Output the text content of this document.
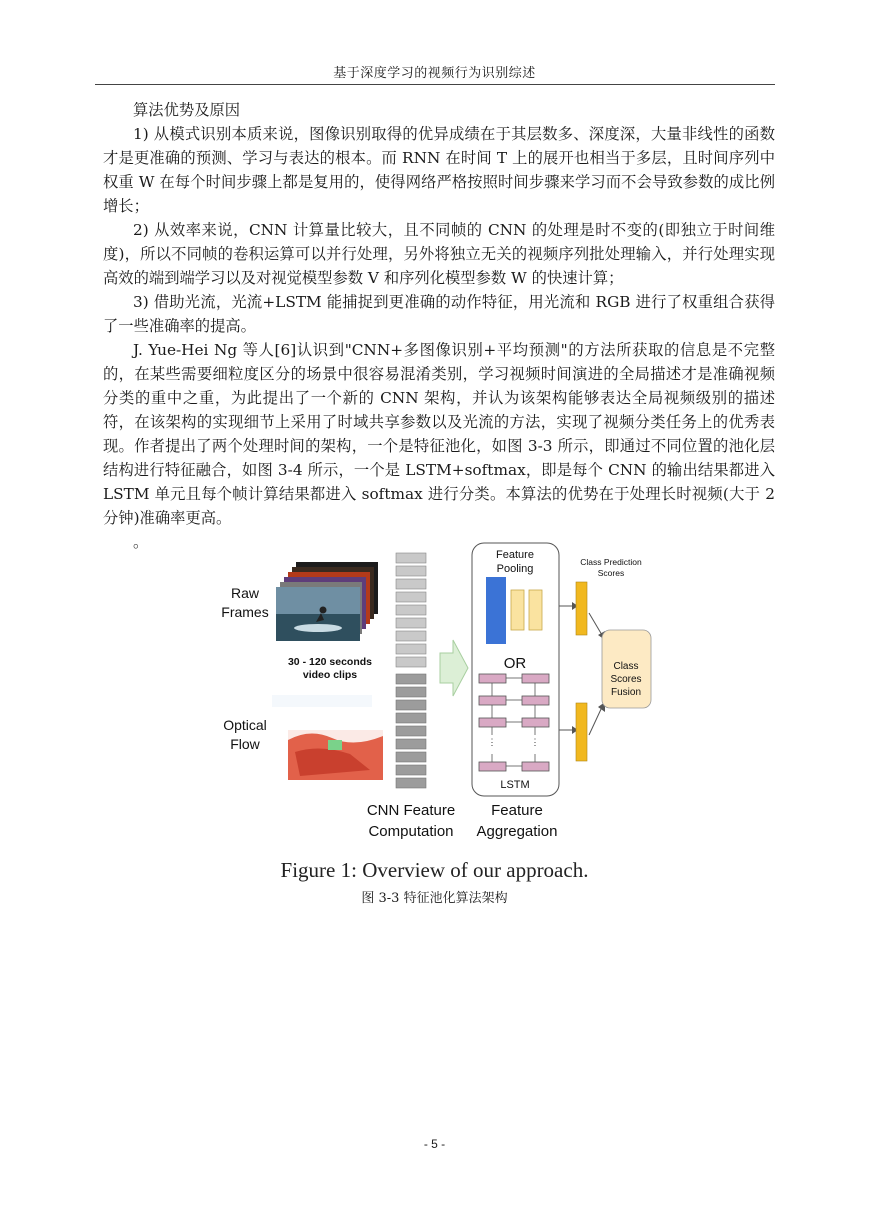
基于深度学习的视频行为识别综述

算法优势及原因

1) 从模式识别本质来说，图像识别取得的优异成绩在于其层数多、深度深，大量非线性的函数才是更准确的预测、学习与表达的根本。而 RNN 在时间 T 上的展开也相当于多层，且时间序列中权重 W 在每个时间步骤上都是复用的，使得网络严格按照时间步骤来学习而不会导致参数的成比例增长；

2) 从效率来说，CNN 计算量比较大，且不同帧的 CNN 的处理是时不变的(即独立于时间维度)，所以不同帧的卷积运算可以并行处理，另外将独立无关的视频序列批处理输入，并行处理实现高效的端到端学习以及对视觉模型参数 V 和序列化模型参数 W 的快速计算；

3) 借助光流，光流+LSTM 能捕捉到更准确的动作特征，用光流和 RGB 进行了权重组合获得了一些准确率的提高。

J. Yue-Hei Ng 等人[6]认识到"CNN+多图像识别+平均预测"的方法所获取的信息是不完整的，在某些需要细粒度区分的场景中很容易混淆类别，学习视频时间演进的全局描述才是准确视频分类的重中之重，为此提出了一个新的 CNN 架构，并认为该架构能够表达全局视频级别的描述符，在该架构的实现细节上采用了时域共享参数以及光流的方法，实现了视频分类任务上的优秀表现。作者提出了两个处理时间的架构，一个是特征池化，如图 3-3 所示，即通过不同位置的池化层结构进行特征融合，如图 3-4 所示，一个是 LSTM+softmax，即是每个 CNN 的输出结果都进入 LSTM 单元且每个帧计算结果都进入 softmax 进行分类。本算法的优势在于处理长时视频(大于 2 分钟)准确率更高。

。

Raw
Frames
Optical
Flow
30 - 120 seconds
video clips
Feature
Pooling
OR
⋮	⋮
LSTM
Class Prediction
Scores
Class
Scores
Fusion
CNN Feature
Computation
Feature
Aggregation
Figure 1: Overview of our approach.
图 3-3 特征池化算法架构
- 5 -
